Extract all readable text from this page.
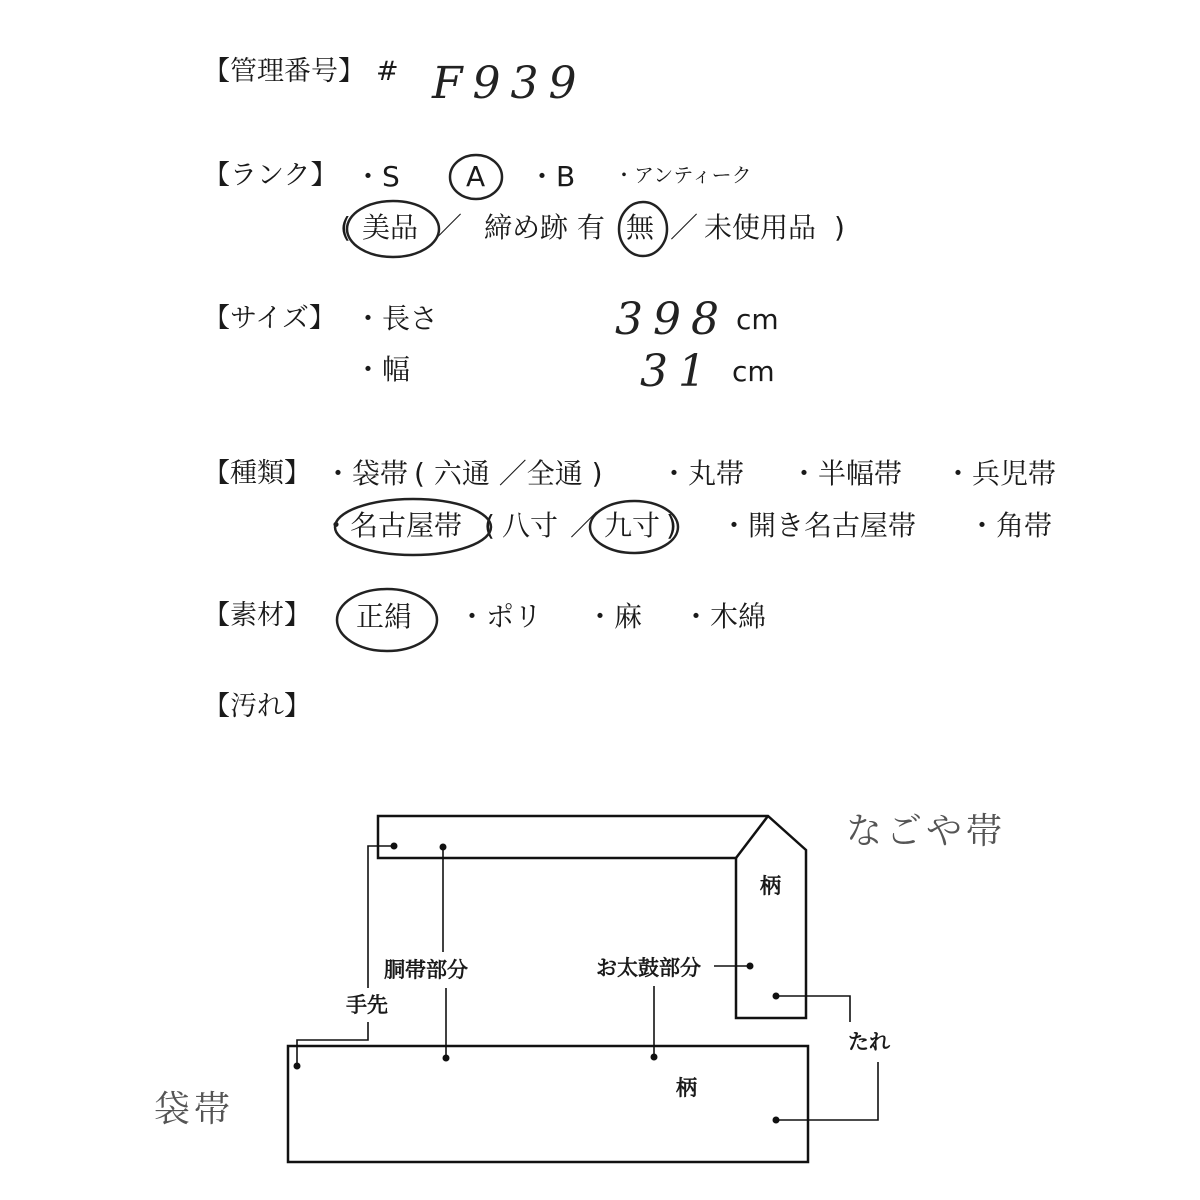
【管理番号】 # F939
【ランク】 ・S A ・B ・アンティーク
( 美品 ／ 締め跡 有 無 ／ 未使用品 )
【サイズ】 ・長さ	398 cm
・幅	31 cm
【種類】 ・袋帯 ( 六通 ／全通 ) ・丸帯 ・半幅帯 ・兵児帯
・ 名古屋帯 ( 八寸 ／ 九寸 ) ・開き名古屋帯 ・角帯
【素材】 正絹 ・ポリ ・麻 ・木綿
【汚れ】
なごや帯
袋帯
柄
柄
胴帯部分	お太鼓部分
手先
たれ
